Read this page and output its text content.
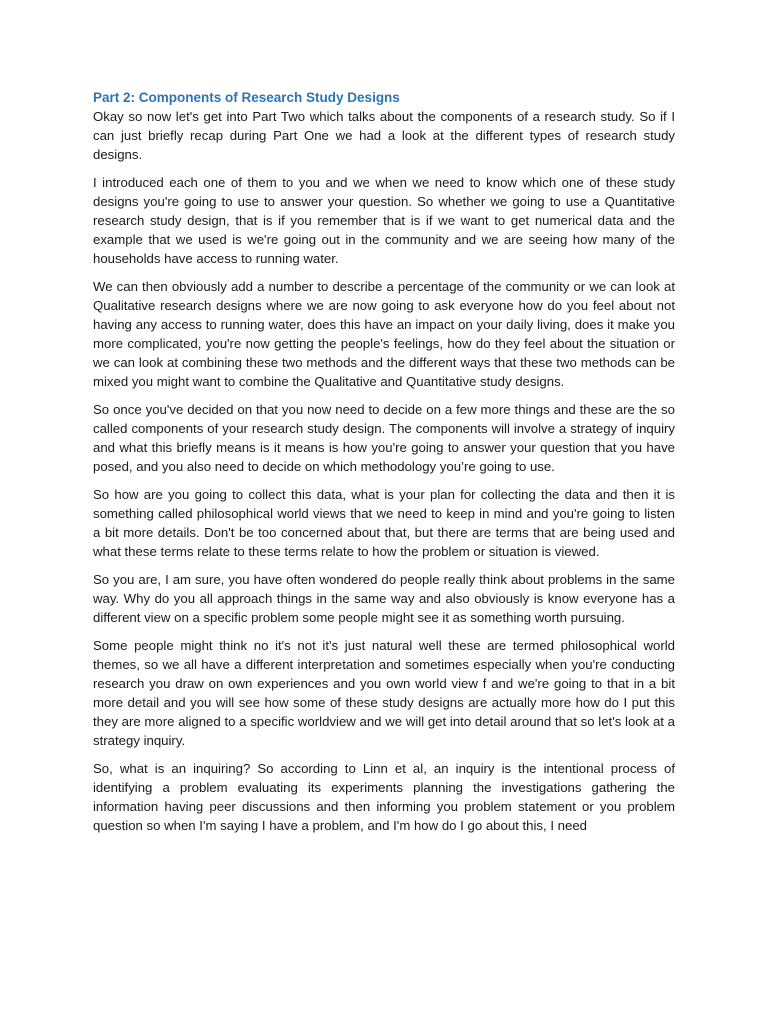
Part 2: Components of Research Study Designs

Okay so now let's get into Part Two which talks about the components of a research study. So if I can just briefly recap during Part One we had a look at the different types of research study designs.

I introduced each one of them to you and we when we need to know which one of these study designs you're going to use to answer your question. So whether we going to use a Quantitative research study design, that is if you remember that is if we want to get numerical data and the example that we used is we're going out in the community and we are seeing how many of the households have access to running water.

We can then obviously add a number to describe a percentage of the community or we can look at Qualitative research designs where we are now going to ask everyone how do you feel about not having any access to running water, does this have an impact on your daily living, does it make you more complicated, you're now getting the people's feelings, how do they feel about the situation or we can look at combining these two methods and the different ways that these two methods can be mixed you might want to combine the Qualitative and Quantitative study designs.

So once you've decided on that you now need to decide on a few more things and these are the so called components of your research study design. The components will involve a strategy of inquiry and what this briefly means is it means is how you're going to answer your question that you have posed, and you also need to decide on which methodology you’re going to use.

So how are you going to collect this data, what is your plan for collecting the data and then it is something called philosophical world views that we need to keep in mind and you're going to listen a bit more details. Don't be too concerned about that, but there are terms that are being used and what these terms relate to these terms relate to how the problem or situation is viewed.

So you are, I am sure, you have often wondered do people really think about problems in the same way. Why do you all approach things in the same way and also obviously is know everyone has a different view on a specific problem some people might see it as something worth pursuing.

Some people might think no it's not it's just natural well these are termed philosophical world themes, so we all have a different interpretation and sometimes especially when you're conducting research you draw on own experiences and you own world view f and we're going to that in a bit more detail and you will see how some of these study designs are actually more how do I put this they are more aligned to a specific worldview and we will get into detail around that so let's look at a strategy inquiry.

So, what is an inquiring? So according to Linn et al, an inquiry is the intentional process of identifying a problem evaluating its experiments planning the investigations gathering the information having peer discussions and then informing you problem statement or you problem question so when I'm saying I have a problem, and I'm how do I go about this, I need
